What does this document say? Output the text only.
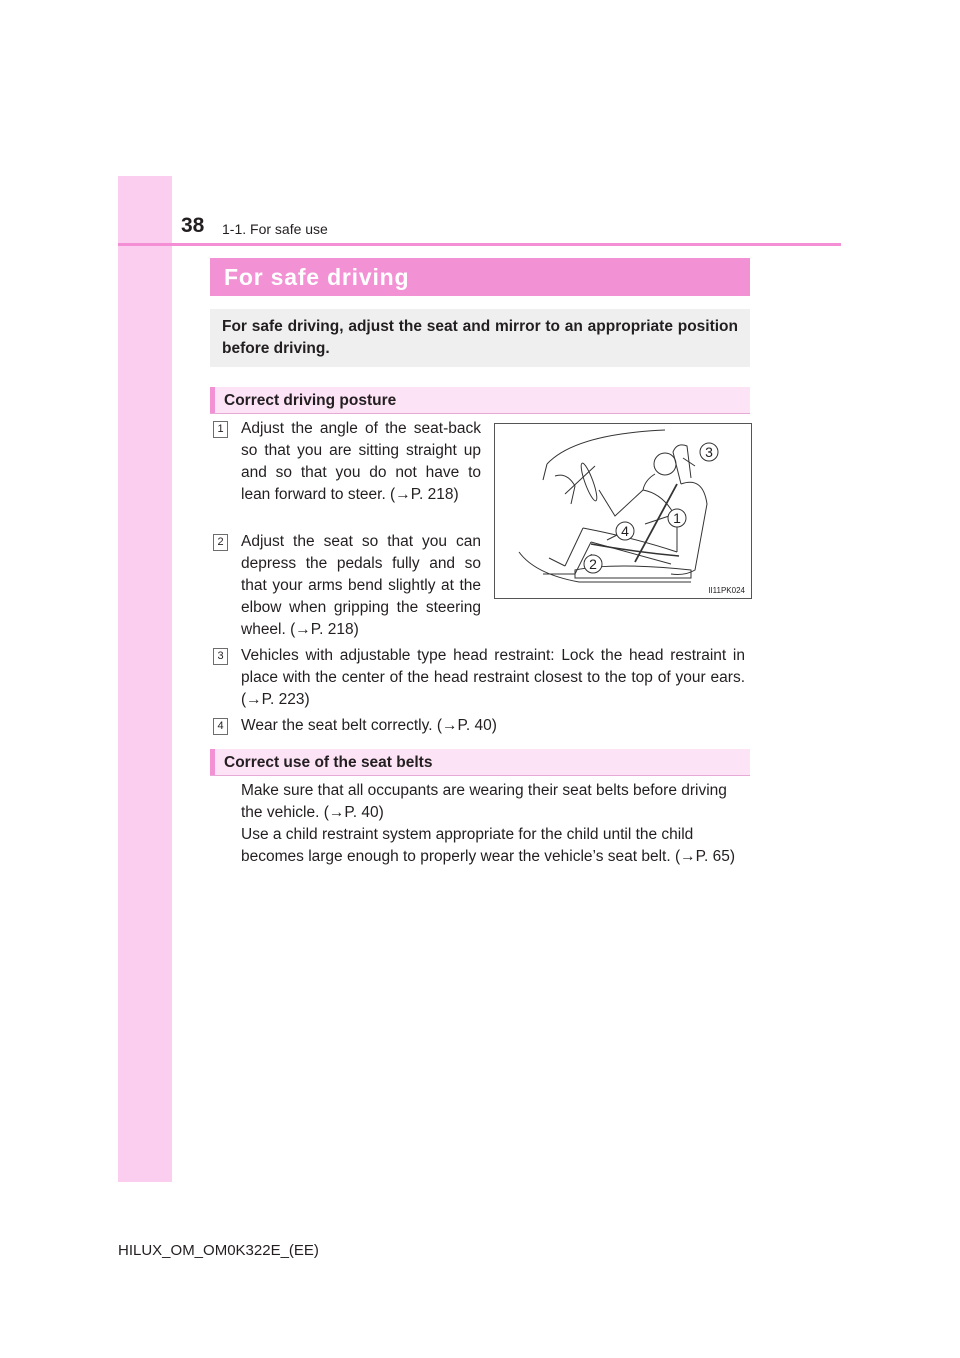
38 1-1. For safe use
For safe driving
For safe driving, adjust the seat and mirror to an appropriate position before driving.
Correct driving posture
1 Adjust the angle of the seat-back so that you are sitting straight up and so that you do not have to lean forward to steer. (→P. 218)
2 Adjust the seat so that you can depress the pedals fully and so that your arms bend slightly at the elbow when gripping the steering wheel. (→P. 218)
1
2
3
4
II11PK024
3 Vehicles with adjustable type head restraint: Lock the head restraint in place with the center of the head restraint closest to the top of your ears. (→P. 223)
4 Wear the seat belt correctly. (→P. 40)
Correct use of the seat belts
Make sure that all occupants are wearing their seat belts before driving the vehicle. (→P. 40)
Use a child restraint system appropriate for the child until the child becomes large enough to properly wear the vehicle’s seat belt. (→P. 65)
HILUX_OM_OM0K322E_(EE)
